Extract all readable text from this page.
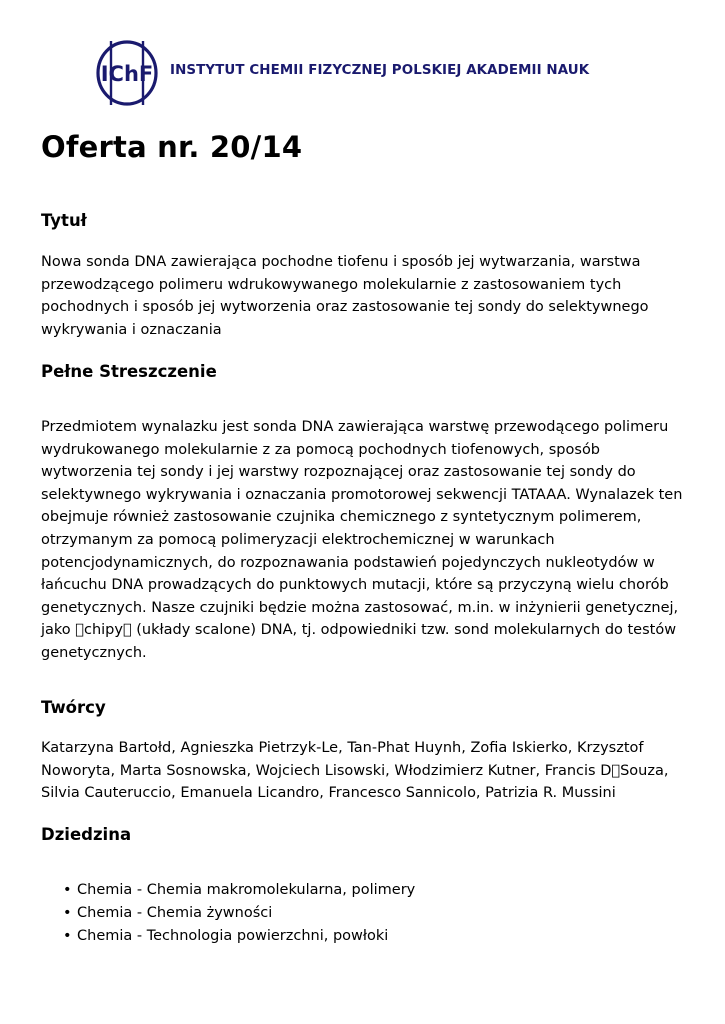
IChF INSTYTUT CHEMII FIZYCZNEJ POLSKIEJ AKADEMII NAUK
Oferta nr. 20/14
Tytuł

Nowa sonda DNA zawierająca pochodne tiofenu i sposób jej wytwarzania, warstwa przewodzącego polimeru wdrukowywanego molekularnie z zastosowaniem tych pochodnych i sposób jej wytworzenia oraz zastosowanie tej sondy do selektywnego wykrywania i oznaczania

Pełne Streszczenie

Przedmiotem wynalazku jest sonda DNA zawierająca warstwę przewodącego polimeru wydrukowanego molekularnie z za pomocą pochodnych tiofenowych, sposób wytworzenia tej sondy i jej warstwy rozpoznającej oraz zastosowanie tej sondy do selektywnego wykrywania i oznaczania promotorowej sekwencji TATAAA. Wynalazek ten obejmuje również zastosowanie czujnika chemicznego z syntetycznym polimerem, otrzymanym za pomocą polimeryzacji elektrochemicznej w warunkach potencjodynamicznych, do rozpoznawania podstawień pojedynczych nukleotydów w łańcuchu DNA prowadzących do punktowych mutacji, które są przyczyną wielu chorób genetycznych. Nasze czujniki będzie można zastosować, m.in. w inżynierii genetycznej, jako  chipy  (układy scalone) DNA, tj. odpowiedniki tzw. sond molekularnych do testów genetycznych.

Twórcy

Katarzyna Bartołd, Agnieszka Pietrzyk-Le, Tan-Phat Huynh, Zofia Iskierko, Krzysztof Noworyta, Marta Sosnowska, Wojciech Lisowski, Włodzimierz Kutner, Francis D Souza, Silvia Cauteruccio, Emanuela Licandro, Francesco Sannicolo, Patrizia R. Mussini

Dziedzina
• Chemia - Chemia makromolekularna, polimery
• Chemia - Chemia żywności
• Chemia - Technologia powierzchni, powłoki
